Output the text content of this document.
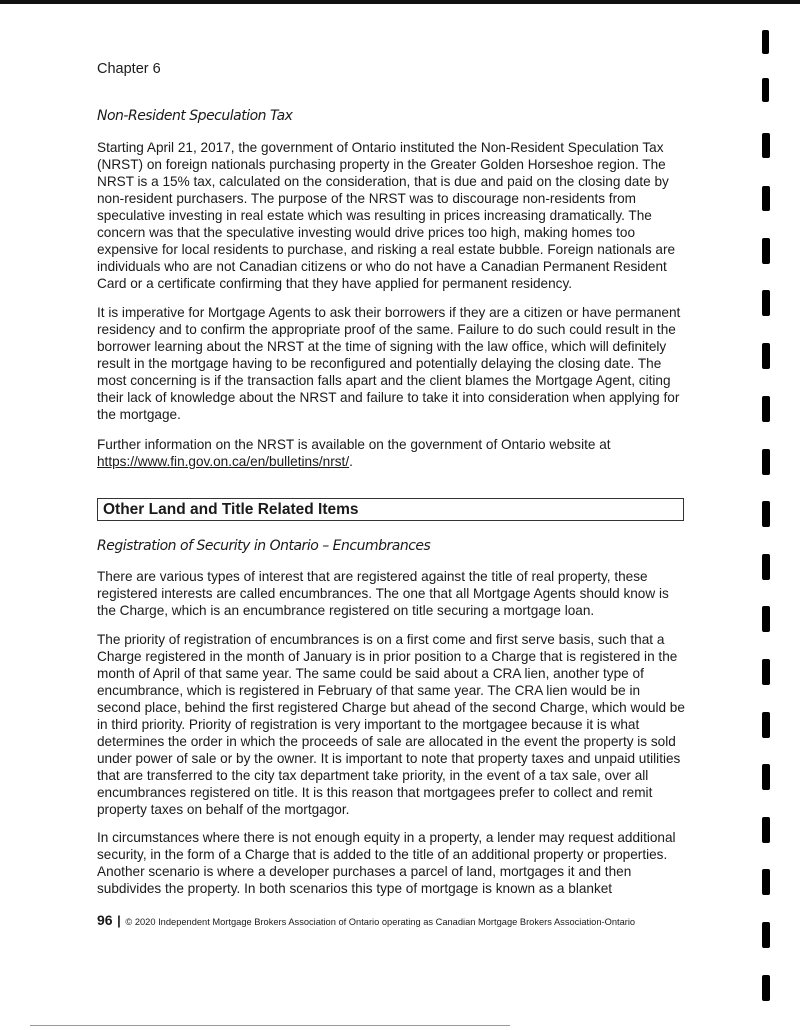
Chapter 6
Non-Resident Speculation Tax

Starting April 21, 2017, the government of Ontario instituted the Non-Resident Speculation Tax (NRST) on foreign nationals purchasing property in the Greater Golden Horseshoe region. The NRST is a 15% tax, calculated on the consideration, that is due and paid on the closing date by non-resident purchasers. The purpose of the NRST was to discourage non-residents from speculative investing in real estate which was resulting in prices increasing dramatically. The concern was that the speculative investing would drive prices too high, making homes too expensive for local residents to purchase, and risking a real estate bubble. Foreign nationals are individuals who are not Canadian citizens or who do not have a Canadian Permanent Resident Card or a certificate confirming that they have applied for permanent residency.

It is imperative for Mortgage Agents to ask their borrowers if they are a citizen or have permanent residency and to confirm the appropriate proof of the same. Failure to do such could result in the borrower learning about the NRST at the time of signing with the law office, which will definitely result in the mortgage having to be reconfigured and potentially delaying the closing date. The most concerning is if the transaction falls apart and the client blames the Mortgage Agent, citing their lack of knowledge about the NRST and failure to take it into consideration when applying for the mortgage.

Further information on the NRST is available on the government of Ontario website at
https://www.fin.gov.on.ca/en/bulletins/nrst/.

Other Land and Title Related Items
Registration of Security in Ontario – Encumbrances

There are various types of interest that are registered against the title of real property, these registered interests are called encumbrances. The one that all Mortgage Agents should know is the Charge, which is an encumbrance registered on title securing a mortgage loan.

The priority of registration of encumbrances is on a first come and first serve basis, such that a Charge registered in the month of January is in prior position to a Charge that is registered in the month of April of that same year. The same could be said about a CRA lien, another type of encumbrance, which is registered in February of that same year. The CRA lien would be in second place, behind the first registered Charge but ahead of the second Charge, which would be in third priority. Priority of registration is very important to the mortgagee because it is what determines the order in which the proceeds of sale are allocated in the event the property is sold under power of sale or by the owner. It is important to note that property taxes and unpaid utilities that are transferred to the city tax department take priority, in the event of a tax sale, over all encumbrances registered on title. It is this reason that mortgagees prefer to collect and remit property taxes on behalf of the mortgagor.

In circumstances where there is not enough equity in a property, a lender may request additional security, in the form of a Charge that is added to the title of an additional property or properties. Another scenario is where a developer purchases a parcel of land, mortgages it and then subdivides the property. In both scenarios this type of mortgage is known as a blanket

96 | © 2020 Independent Mortgage Brokers Association of Ontario operating as Canadian Mortgage Brokers Association-Ontario
